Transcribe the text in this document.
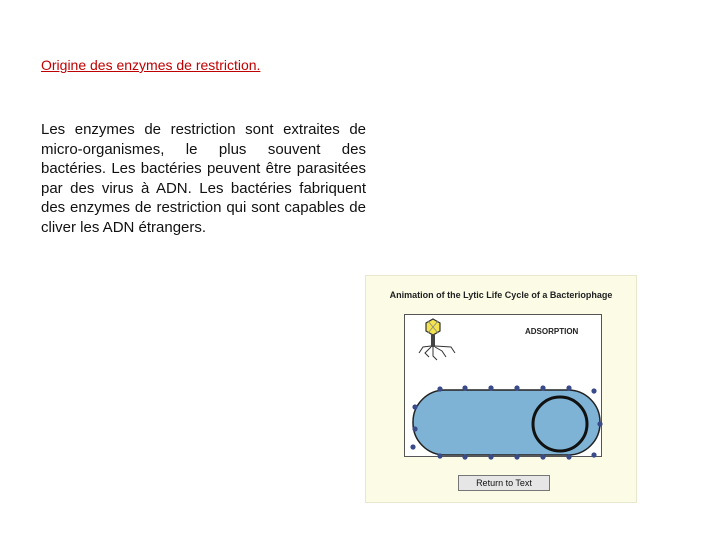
Origine des enzymes de restriction.

Les enzymes de restriction sont extraites de micro-organismes, le plus souvent des bactéries. Les bactéries peuvent être parasitées par des virus à ADN. Les bactéries fabriquent des enzymes de restriction qui sont capables de cliver les ADN étrangers.

Animation of the Lytic Life Cycle of a Bacteriophage
ADSORPTION
Return to Text
